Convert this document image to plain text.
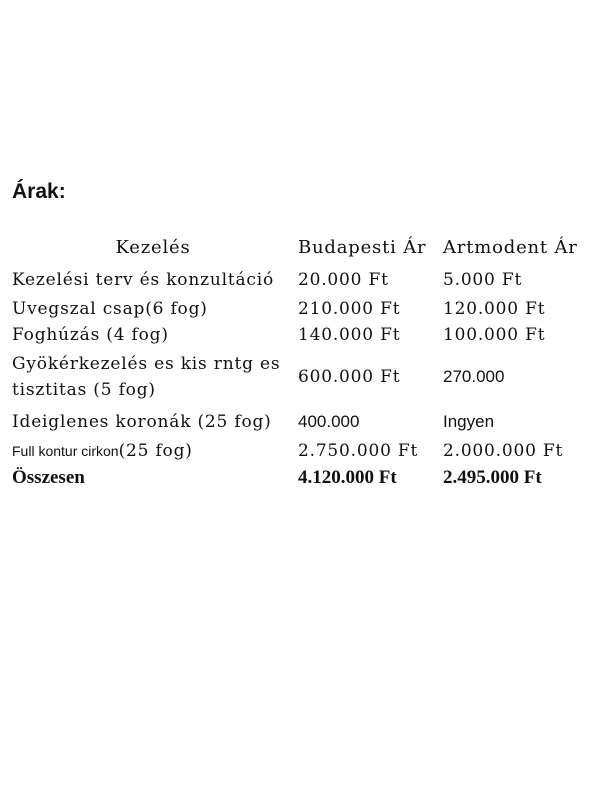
Árak:
Kezelés	Budapesti Ár	Artmodent Ár
Kezelési terv és konzultáció	20.000 Ft	5.000 Ft
Uvegszal csap(6 fog)	210.000 Ft	120.000 Ft
Foghúzás (4 fog)	140.000 Ft	100.000 Ft
Gyökérkezelés es kis rntg es tisztitas (5 fog)	600.000 Ft	270.000
Ideiglenes koronák (25 fog)	400.000	Ingyen
Full kontur cirkon(25 fog)	2.750.000 Ft	2.000.000 Ft
Összesen	4.120.000 Ft	2.495.000 Ft
